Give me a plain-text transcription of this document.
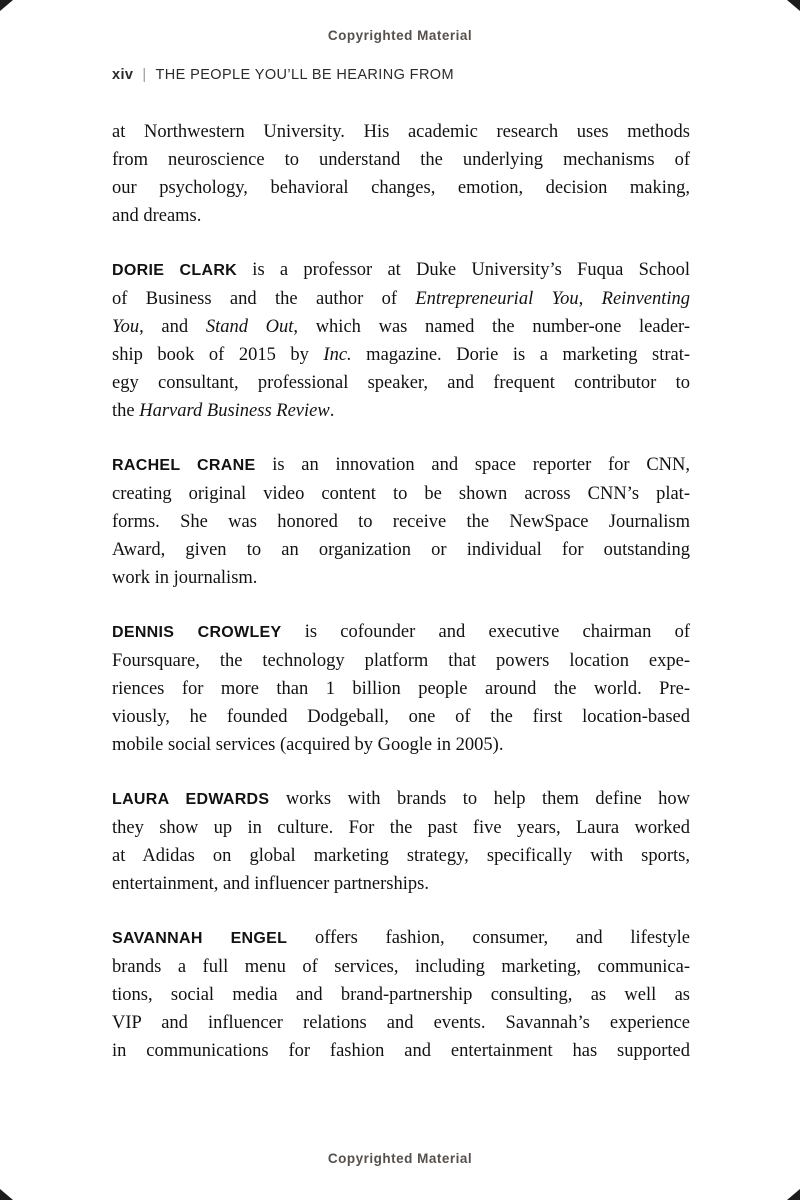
Copyrighted Material
xiv | THE PEOPLE YOU’LL BE HEARING FROM
at Northwestern University. His academic research uses methods
from neuroscience to understand the underlying mechanisms of
our psychology, behavioral changes, emotion, decision making,
and dreams.
DORIE CLARK is a professor at Duke University’s Fuqua School
of Business and the author of Entrepreneurial You, Reinventing
You, and Stand Out, which was named the number-one leader-
ship book of 2015 by Inc. magazine. Dorie is a marketing strat-
egy consultant, professional speaker, and frequent contributor to
the Harvard Business Review.
RACHEL CRANE is an innovation and space reporter for CNN,
creating original video content to be shown across CNN’s plat-
forms. She was honored to receive the NewSpace Journalism
Award, given to an organization or individual for outstanding
work in journalism.
DENNIS CROWLEY is cofounder and executive chairman of
Foursquare, the technology platform that powers location expe-
riences for more than 1 billion people around the world. Pre-
viously, he founded Dodgeball, one of the first location-based
mobile social services (acquired by Google in 2005).
LAURA EDWARDS works with brands to help them define how
they show up in culture. For the past five years, Laura worked
at Adidas on global marketing strategy, specifically with sports,
entertainment, and influencer partnerships.
SAVANNAH ENGEL offers fashion, consumer, and lifestyle
brands a full menu of services, including marketing, communica-
tions, social media and brand-partnership consulting, as well as
VIP and influencer relations and events. Savannah’s experience
in communications for fashion and entertainment has supported
Copyrighted Material
